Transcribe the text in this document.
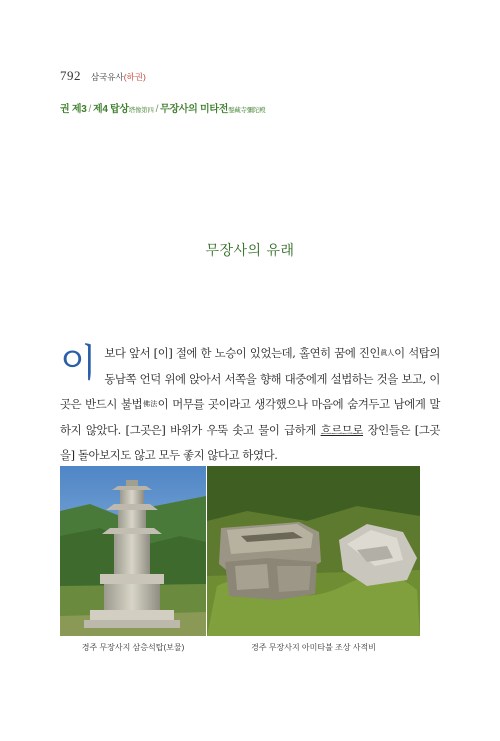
792 삼국유사(하권)
권 제3 / 제4 탑상塔像第四 / 무장사의 미타전鍪藏寺彌陀殿
무장사의 유래
이 보다 앞서 [이] 절에 한 노승이 있었는데, 홀연히 꿈에 진인眞人이 석탑의 동남쪽 언덕 위에 앉아서 서쪽을 향해 대중에게 설법하는 것을 보고, 이곳은 반드시 불법佛法이 머무를 곳이라고 생각했으나 마음에 숨겨두고 남에게 말하지 않았다. [그곳은] 바위가 우뚝 솟고 물이 급하게 흐르므로 장인들은 [그곳을] 돌아보지도 않고 모두 좋지 않다고 하였다.
경주 무장사지 삼층석탑(보물)	경주 무장사지 아미타불 조상 사적비
